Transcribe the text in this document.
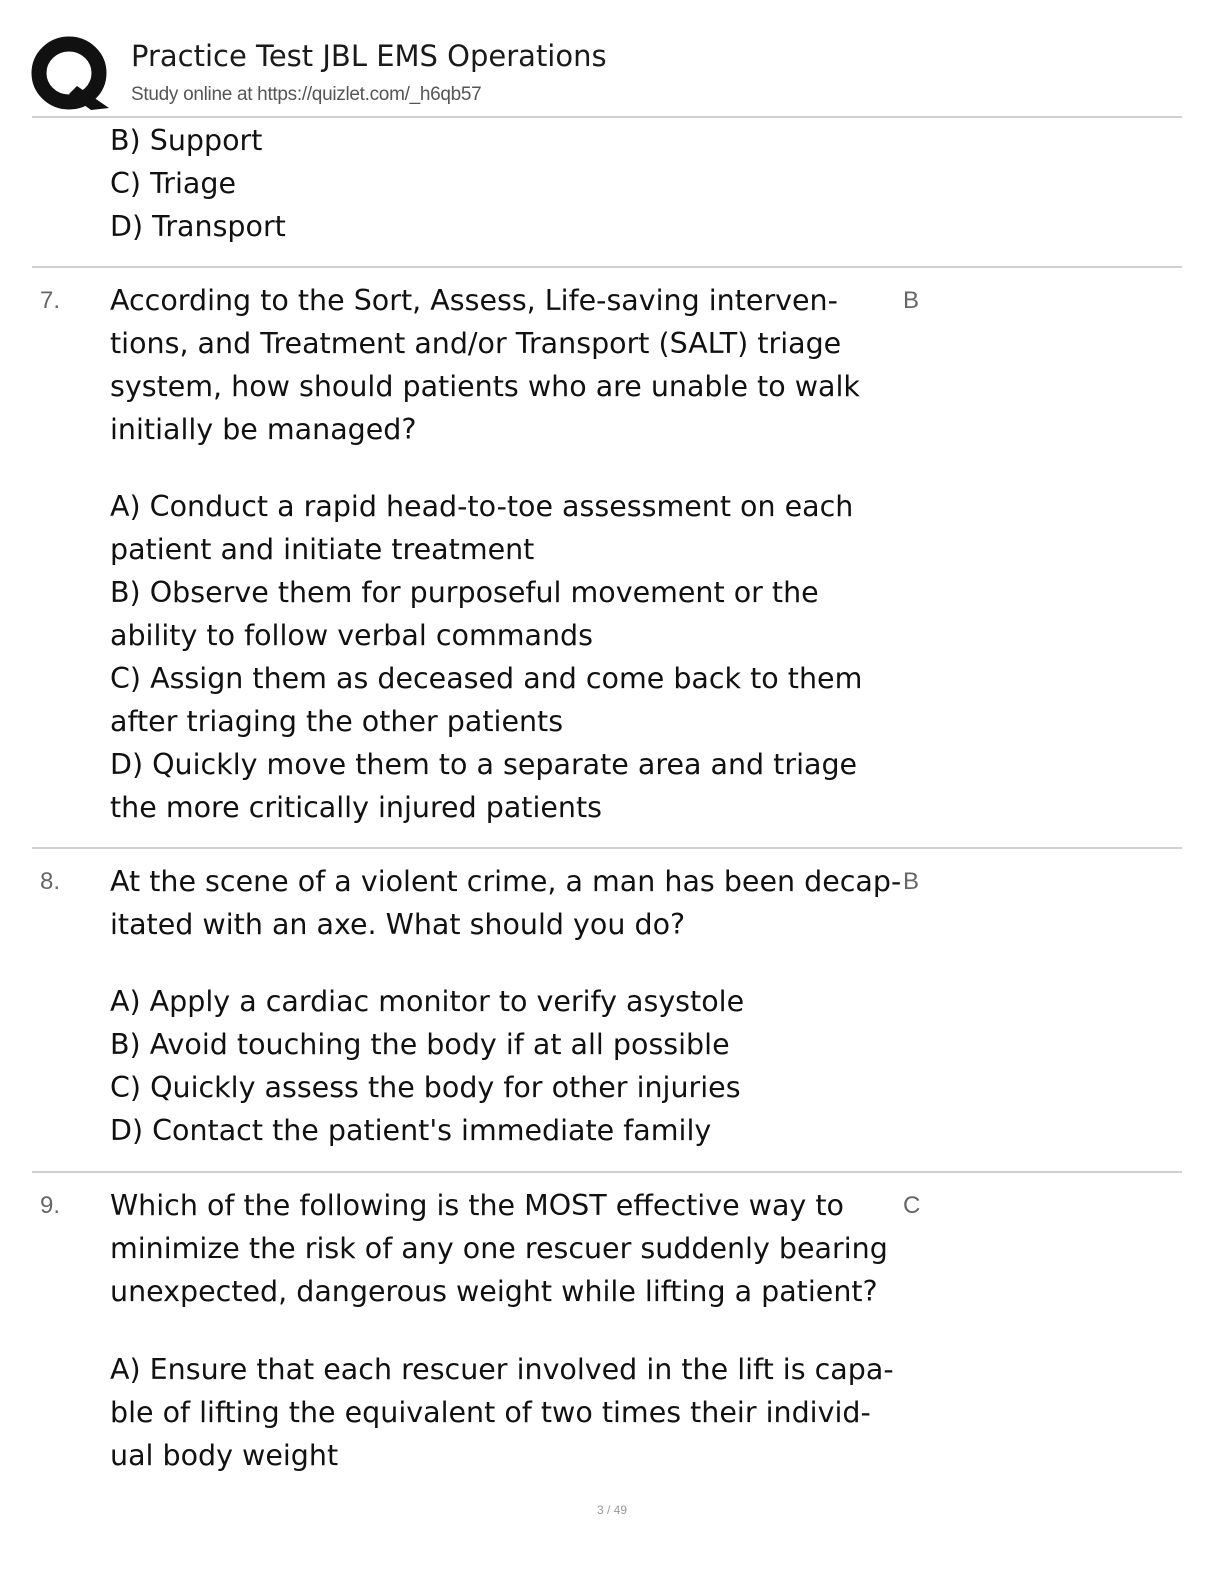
Practice Test JBL EMS Operations
Study online at https://quizlet.com/_h6qb57
B) Support
C) Triage
D) Transport
7. According to the Sort, Assess, Life-saving interven-
tions, and Treatment and/or Transport (SALT) triage
system, how should patients who are unable to walk
initially be managed?
A) Conduct a rapid head-to-toe assessment on each
patient and initiate treatment
B) Observe them for purposeful movement or the
ability to follow verbal commands
C) Assign them as deceased and come back to them
after triaging the other patients
D) Quickly move them to a separate area and triage
the more critically injured patients
B
8. At the scene of a violent crime, a man has been decap-
itated with an axe. What should you do?
A) Apply a cardiac monitor to verify asystole
B) Avoid touching the body if at all possible
C) Quickly assess the body for other injuries
D) Contact the patient's immediate family
B
9. Which of the following is the MOST effective way to
minimize the risk of any one rescuer suddenly bearing
unexpected, dangerous weight while lifting a patient?
A) Ensure that each rescuer involved in the lift is capa-
ble of lifting the equivalent of two times their individ-
ual body weight
C
3 / 49
